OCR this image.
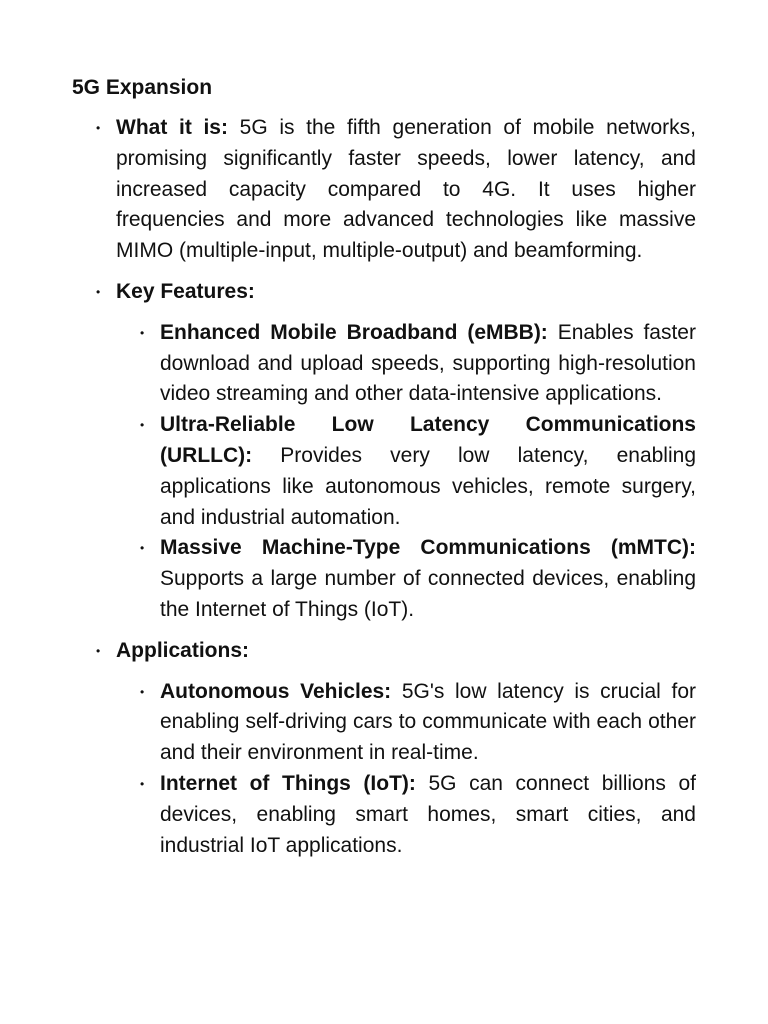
5G Expansion
• What it is: 5G is the fifth generation of mobile networks, promising significantly faster speeds, lower latency, and increased capacity compared to 4G. It uses higher frequencies and more advanced technologies like massive MIMO (multiple-input, multiple-output) and beamforming.
• Key Features:
• Enhanced Mobile Broadband (eMBB): Enables faster download and upload speeds, supporting high-resolution video streaming and other data-intensive applications.
• Ultra-Reliable Low Latency Communications (URLLC): Provides very low latency, enabling applications like autonomous vehicles, remote surgery, and industrial automation.
• Massive Machine-Type Communications (mMTC): Supports a large number of connected devices, enabling the Internet of Things (IoT).
• Applications:
• Autonomous Vehicles: 5G's low latency is crucial for enabling self-driving cars to communicate with each other and their environment in real-time.
• Internet of Things (IoT): 5G can connect billions of devices, enabling smart homes, smart cities, and industrial IoT applications.
